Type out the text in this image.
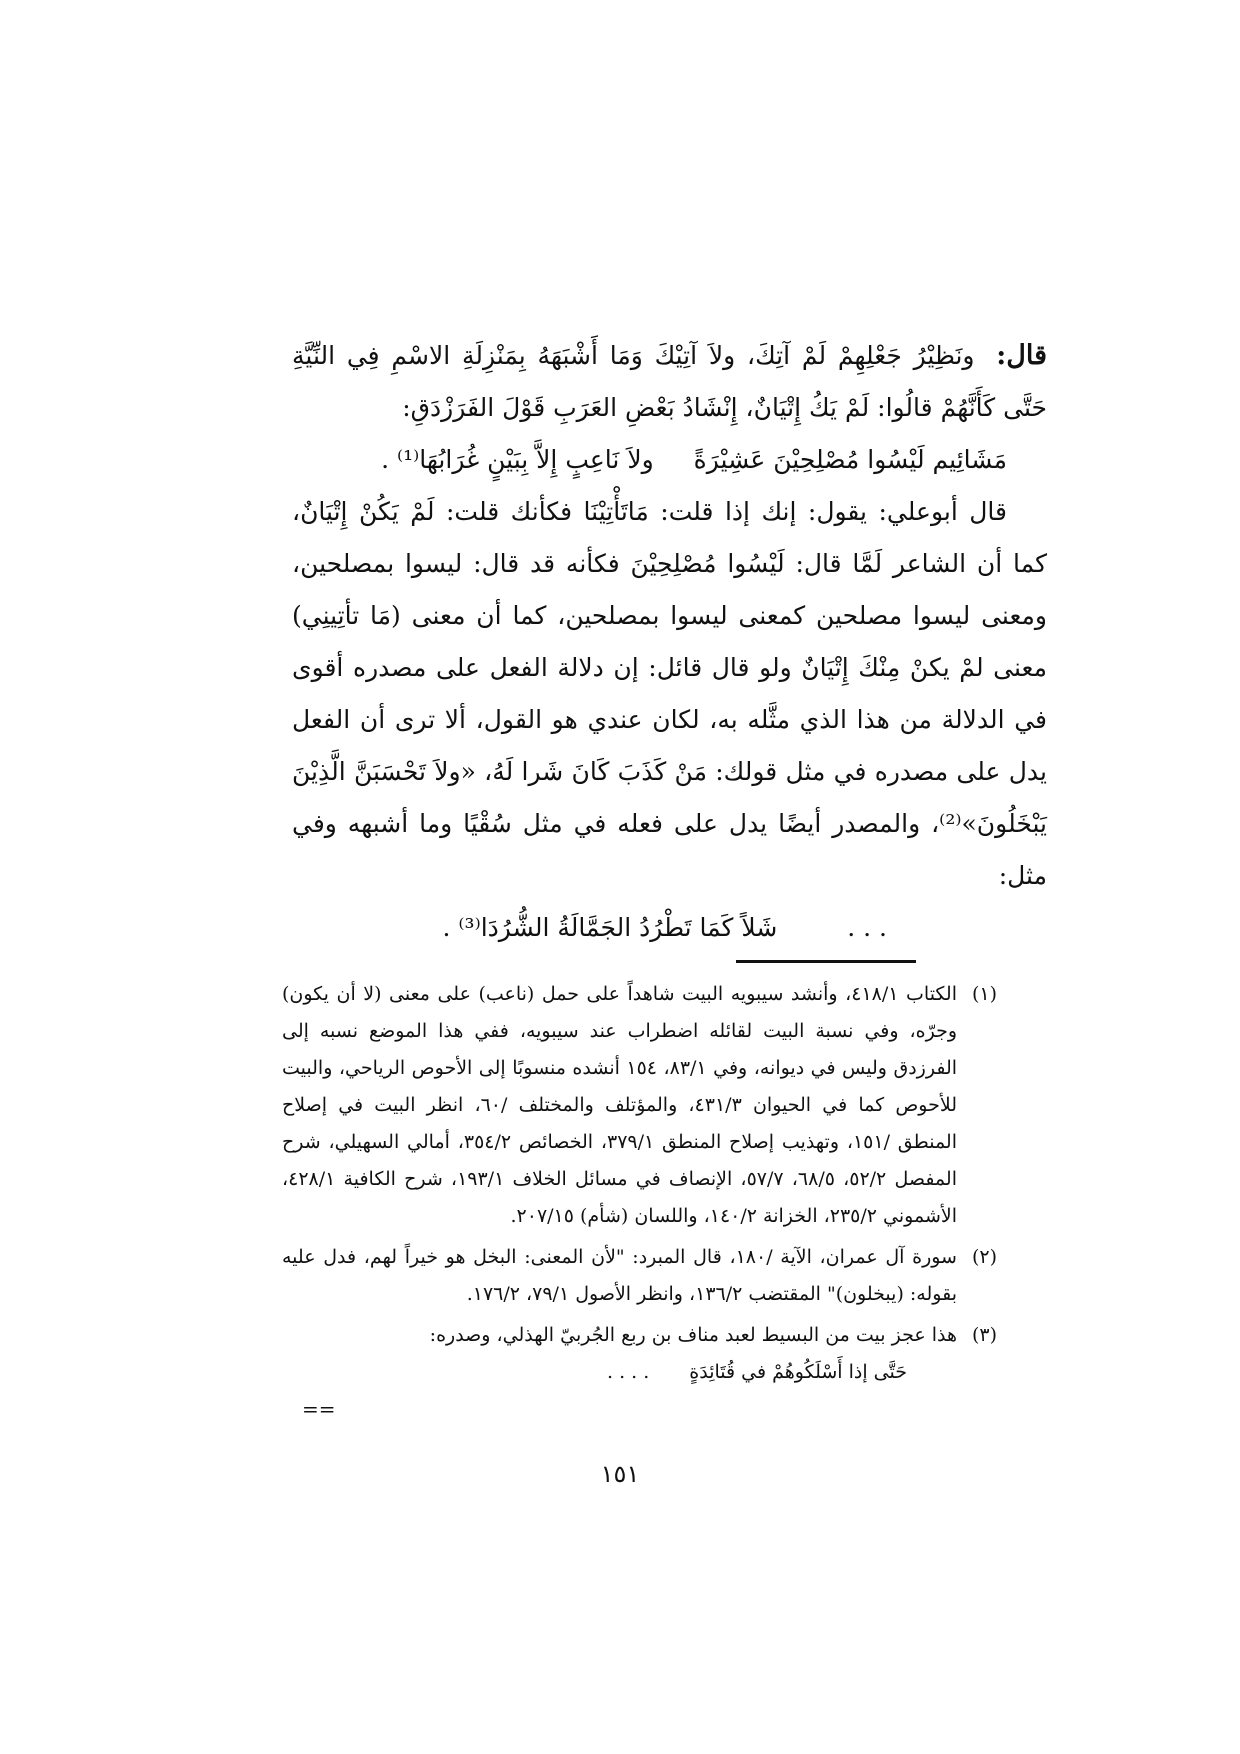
قال: ونَظِيْرُ جَعْلِهِمْ لَمْ آتِكَ، ولاَ آتِيْكَ وَمَا أَشْبَهَهُ بِمَنْزِلَةِ الاسْمِ فِي النِّيَّةِ حَتَّى كَأَنَّهُمْ قالُوا: لَمْ يَكُ إِتْيَانٌ، إِنْشَادُ بَعْضِ العَرَبِ قَوْلَ الفَرَزْدَقِ:

مَشَائِيم لَيْسُوا مُصْلِحِيْنَ عَشِيْرَةً
ولاَ نَاعِبٍ إِلاَّ بِبَيْنٍ غُرَابُهَا⁽¹⁾ .

قال أبوعلي: يقول: إنك إذا قلت: مَاتَأْتِيْنَا فكأنك قلت: لَمْ يَكُنْ إِتْيَانٌ، كما أن الشاعر لَمَّا قال: لَيْسُوا مُصْلِحِيْنَ فكأنه قد قال: ليسوا بمصلحين، ومعنى ليسوا مصلحين كمعنى ليسوا بمصلحين، كما أن معنى (مَا تأتِينِي) معنى لمْ يكنْ مِنْكَ إِتْيَانٌ ولو قال قائل: إن دلالة الفعل على مصدره أقوى في الدلالة من هذا الذي مثَّله به، لكان عندي هو القول، ألا ترى أن الفعل يدل على مصدره في مثل قولك: مَنْ كَذَبَ كَانَ شَرا لَهُ، «ولاَ تَحْسَبَنَّ الَّذِيْنَ يَبْخَلُونَ»⁽²⁾، والمصدر أيضًا يدل على فعله في مثل سُقْيًا وما أشبهه وفي مثل:

. . .
شَلاً كَمَا تَطْرُدُ الجَمَّالَةُ الشُّرُدَا⁽³⁾ .
(١)
الكتاب ٤١٨/١، وأنشد سيبويه البيت شاهداً على حمل (ناعب) على معنى (لا أن يكون) وجرّه، وفي نسبة البيت لقائله اضطراب عند سيبويه، ففي هذا الموضع نسبه إلى الفرزدق وليس في ديوانه، وفي ٨٣/١، ١٥٤ أنشده منسوبًا إلى الأحوص الرياحي، والبيت للأحوص كما في الحيوان ٤٣١/٣، والمؤتلف والمختلف /٦٠، انظر البيت في إصلاح المنطق /١٥١، وتهذيب إصلاح المنطق ٣٧٩/١، الخصائص ٣٥٤/٢، أمالي السهيلي، شرح المفصل ٥٢/٢، ٦٨/٥، ٥٧/٧، الإنصاف في مسائل الخلاف ١٩٣/١، شرح الكافية ٤٢٨/١، الأشموني ٢٣٥/٢، الخزانة ١٤٠/٢، واللسان (شأم) ٢٠٧/١٥.
(٢)
سورة آل عمران، الآية /١٨٠، قال المبرد: "لأن المعنى: البخل هو خيراً لهم، فدل عليه بقوله: (يبخلون)" المقتضب ١٣٦/٢، وانظر الأصول ٧٩/١، ١٧٦/٢.
(٣)
هذا عجز بيت من البسيط لعبد مناف بن ربع الجُربيّ الهذلي، وصدره:
حَتَّى إذا أَسْلَكُوهُمْ في قُتَائِدَةٍ
. . . .
==
١٥١
